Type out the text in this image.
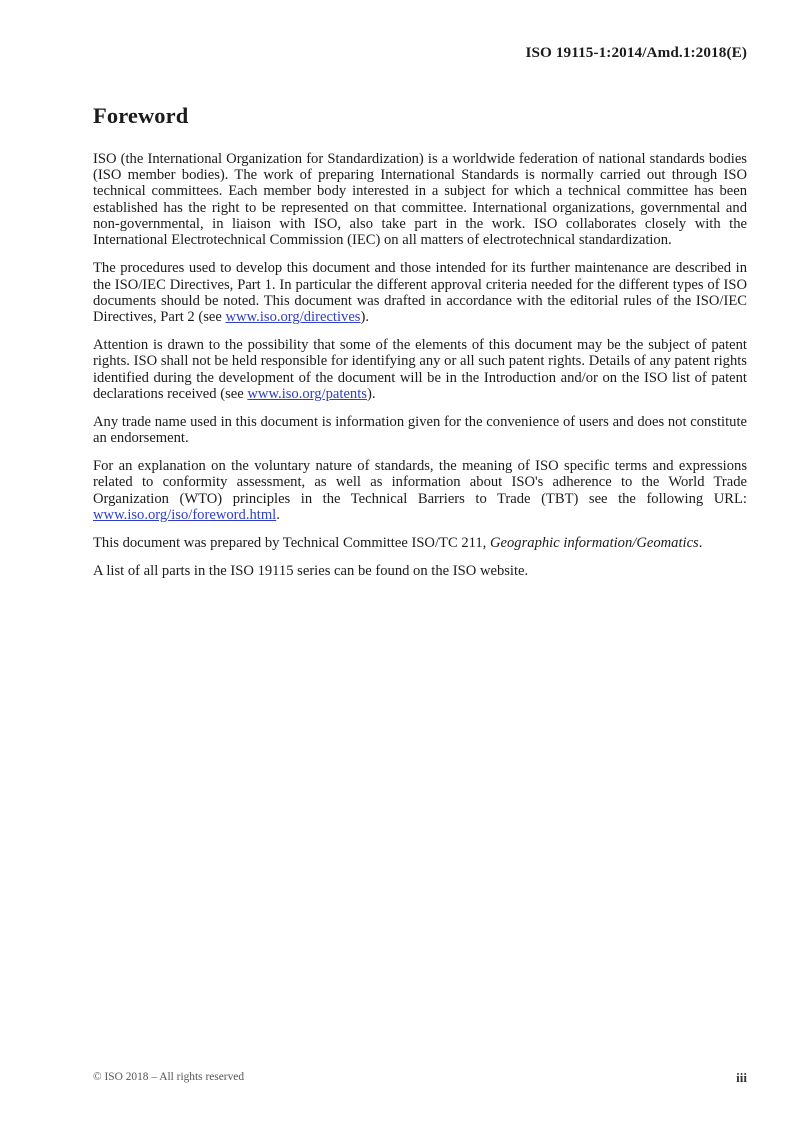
ISO 19115-1:2014/Amd.1:2018(E)
Foreword

ISO (the International Organization for Standardization) is a worldwide federation of national standards bodies (ISO member bodies). The work of preparing International Standards is normally carried out through ISO technical committees. Each member body interested in a subject for which a technical committee has been established has the right to be represented on that committee. International organizations, governmental and non-governmental, in liaison with ISO, also take part in the work. ISO collaborates closely with the International Electrotechnical Commission (IEC) on all matters of electrotechnical standardization.

The procedures used to develop this document and those intended for its further maintenance are described in the ISO/IEC Directives, Part 1. In particular the different approval criteria needed for the different types of ISO documents should be noted. This document was drafted in accordance with the editorial rules of the ISO/IEC Directives, Part 2 (see www.iso.org/directives).

Attention is drawn to the possibility that some of the elements of this document may be the subject of patent rights. ISO shall not be held responsible for identifying any or all such patent rights. Details of any patent rights identified during the development of the document will be in the Introduction and/or on the ISO list of patent declarations received (see www.iso.org/patents).

Any trade name used in this document is information given for the convenience of users and does not constitute an endorsement.

For an explanation on the voluntary nature of standards, the meaning of ISO specific terms and expressions related to conformity assessment, as well as information about ISO's adherence to the World Trade Organization (WTO) principles in the Technical Barriers to Trade (TBT) see the following URL: www.iso.org/iso/foreword.html.

This document was prepared by Technical Committee ISO/TC 211, Geographic information/Geomatics.

A list of all parts in the ISO 19115 series can be found on the ISO website.

© ISO 2018 – All rights reserved	iii
